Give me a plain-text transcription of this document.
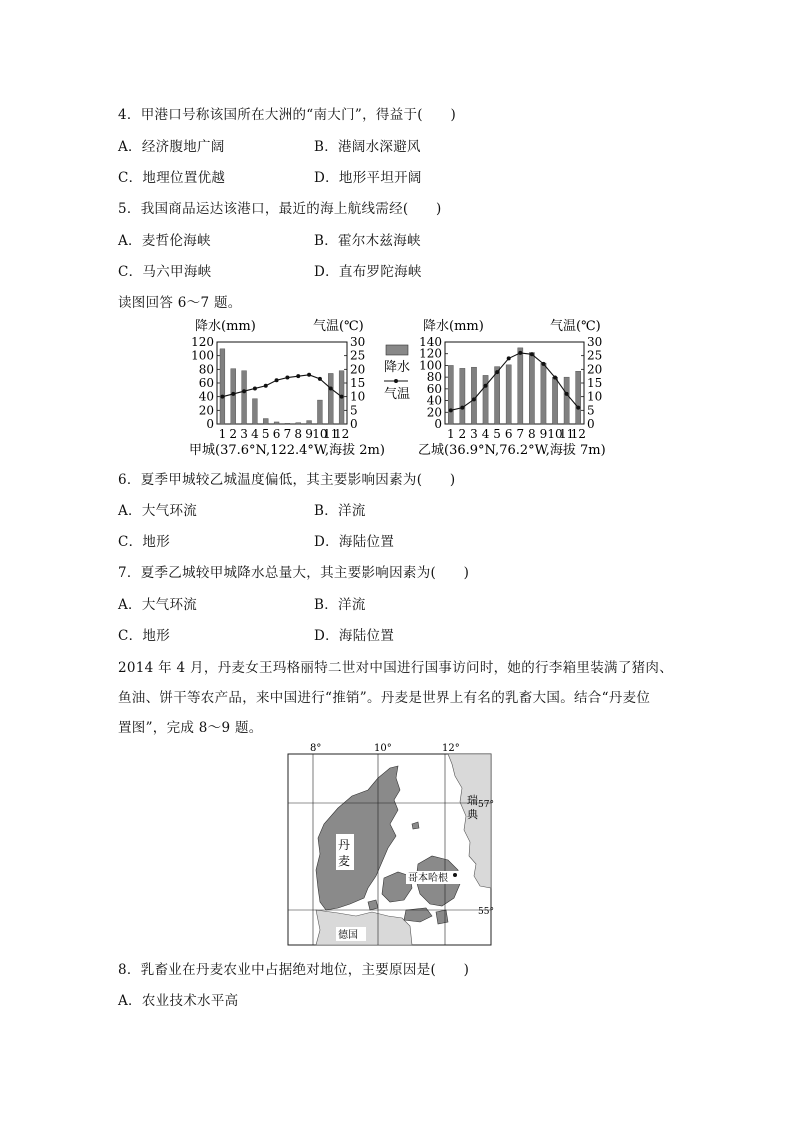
4．甲港口号称该国所在大洲的“南大门”，得益于(　　)
A．经济腹地广阔	B．港阔水深避风
C．地理位置优越	D．地形平坦开阔
5．我国商品运达该港口，最近的海上航线需经(　　)
A．麦哲伦海峡	B．霍尔木兹海峡
C．马六甲海峡	D．直布罗陀海峡
读图回答 6～7 题。
降水(mm)	气温(℃)
120
100
80
60
40
20
0
30
25
20
15
10
5
0
1 2 3 4 5 6 7 8 9 10
11
12
甲城(37.6°N,122.4°W,海拔 2m)
降水(mm)	气温(℃)
140
120
100
80
60
40
20
0
30
25
20
15
10
5
0
1 2 3 4 5 6 7 8 9 10
11
12
乙城(36.9°N,76.2°W,海拔 7m)
降水
气温
6．夏季甲城较乙城温度偏低，其主要影响因素为(　　)
A．大气环流	B．洋流
C．地形	D．海陆位置
7．夏季乙城较甲城降水总量大，其主要影响因素为(　　)
A．大气环流	B．洋流
C．地形	D．海陆位置
2014 年 4 月，丹麦女王玛格丽特二世对中国进行国事访问时，她的行李箱里装满了猪肉、
鱼油、饼干等农产品，来中国进行“推销”。丹麦是世界上有名的乳畜大国。结合“丹麦位
置图”，完成 8～9 题。
8°	10°	12°
丹
麦
瑞
典
哥本哈根
57°
55°
德国
8．乳畜业在丹麦农业中占据绝对地位，主要原因是(　　)
A．农业技术水平高
